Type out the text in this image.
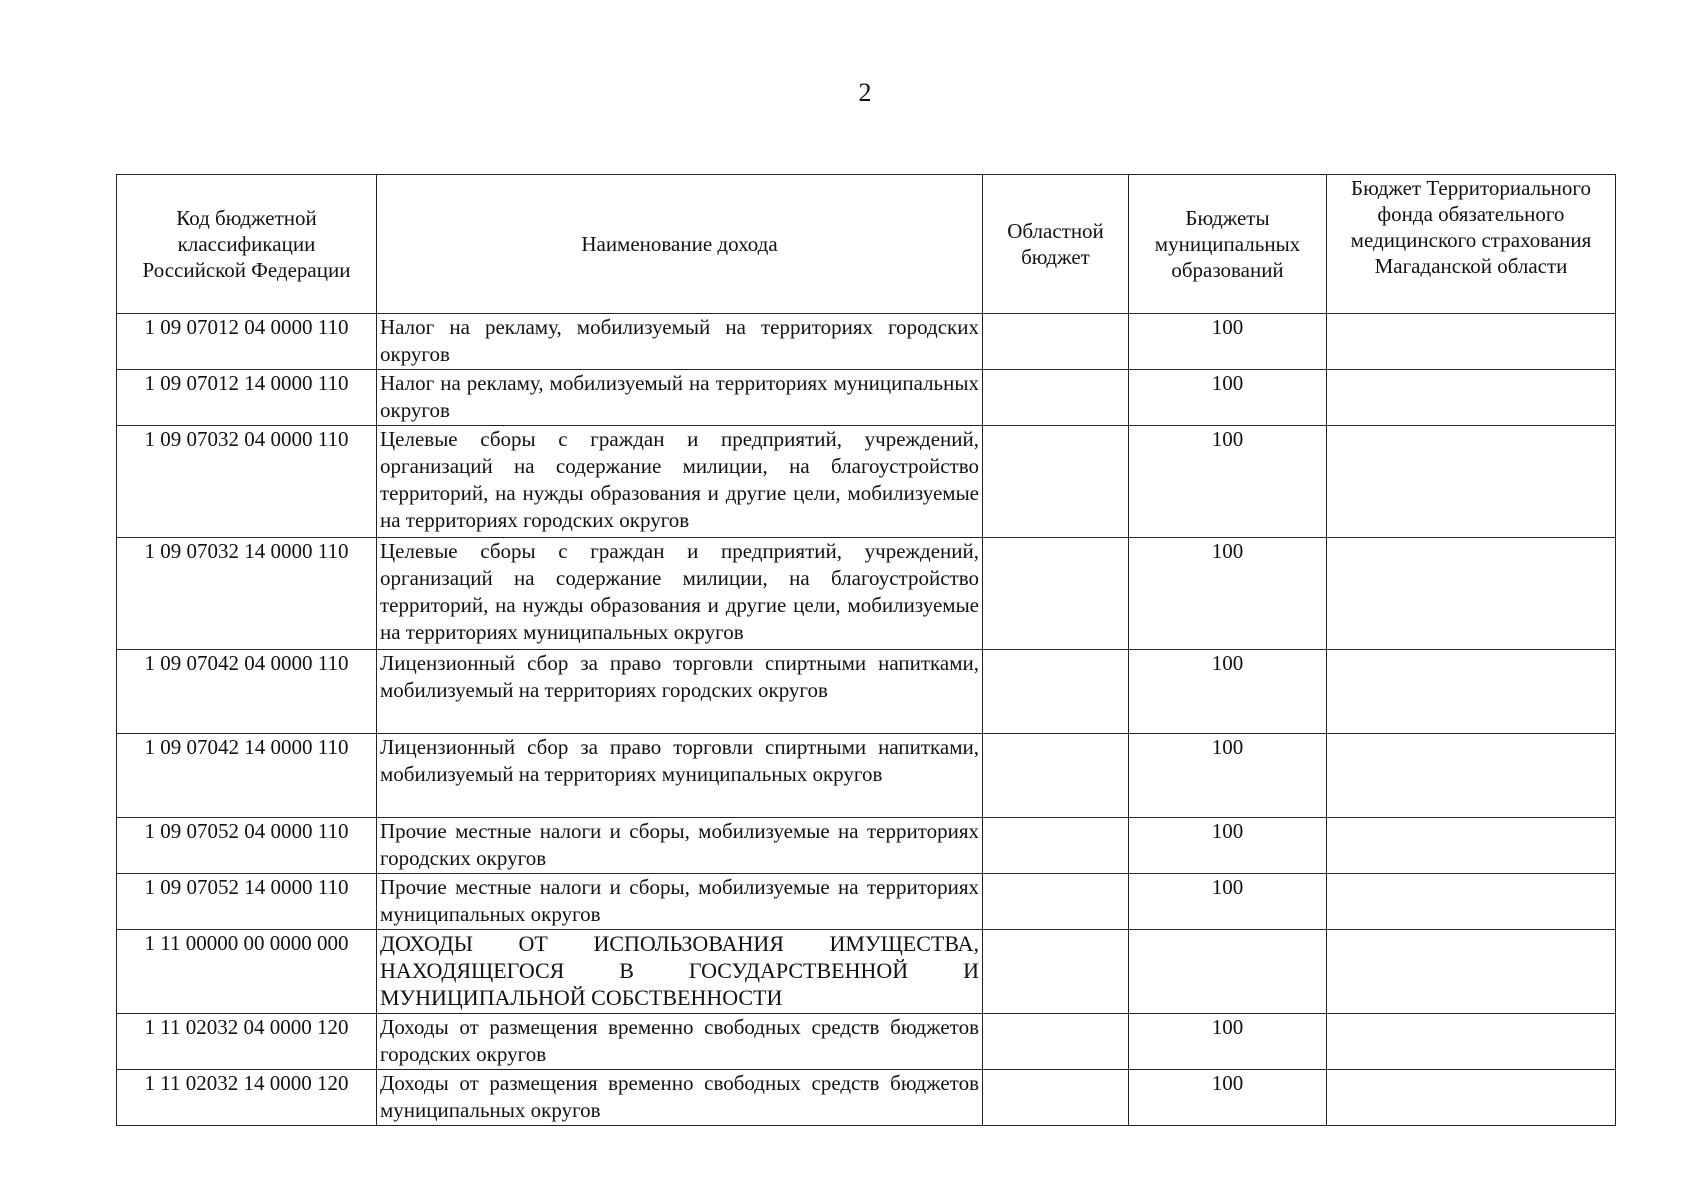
2
Код бюджетной классификации Российской Федерации	Наименование дохода	Областной бюджет	Бюджеты муниципальных образований	Бюджет Территориального фонда обязательного медицинского страхования Магаданской области
1 09 07012 04 0000 110	Налог на рекламу, мобилизуемый на территориях городских округов		100	
1 09 07012 14 0000 110	Налог на рекламу, мобилизуемый на территориях муниципальных округов		100	
1 09 07032 04 0000 110	Целевые сборы с граждан и предприятий, учреждений, организаций на содержание милиции, на благоустройство территорий, на нужды образования и другие цели, мобилизуемые на территориях городских округов		100	
1 09 07032 14 0000 110	Целевые сборы с граждан и предприятий, учреждений, организаций на содержание милиции, на благоустройство территорий, на нужды образования и другие цели, мобилизуемые на территориях муниципальных округов		100	
1 09 07042 04 0000 110	Лицензионный сбор за право торговли спиртными напитками, мобилизуемый на территориях городских округов		100	
1 09 07042 14 0000 110	Лицензионный сбор за право торговли спиртными напитками, мобилизуемый на территориях муниципальных округов		100	
1 09 07052 04 0000 110	Прочие местные налоги и сборы, мобилизуемые на территориях городских округов		100	
1 09 07052 14 0000 110	Прочие местные налоги и сборы, мобилизуемые на территориях муниципальных округов		100	
1 11 00000 00 0000 000	ДОХОДЫ ОТ ИСПОЛЬЗОВАНИЯ ИМУЩЕСТВА, НАХОДЯЩЕГОСЯ В ГОСУДАРСТВЕННОЙ И МУНИЦИПАЛЬНОЙ СОБСТВЕННОСТИ			
1 11 02032 04 0000 120	Доходы от размещения временно свободных средств бюджетов городских округов		100	
1 11 02032 14 0000 120	Доходы от размещения временно свободных средств бюджетов муниципальных округов		100	
